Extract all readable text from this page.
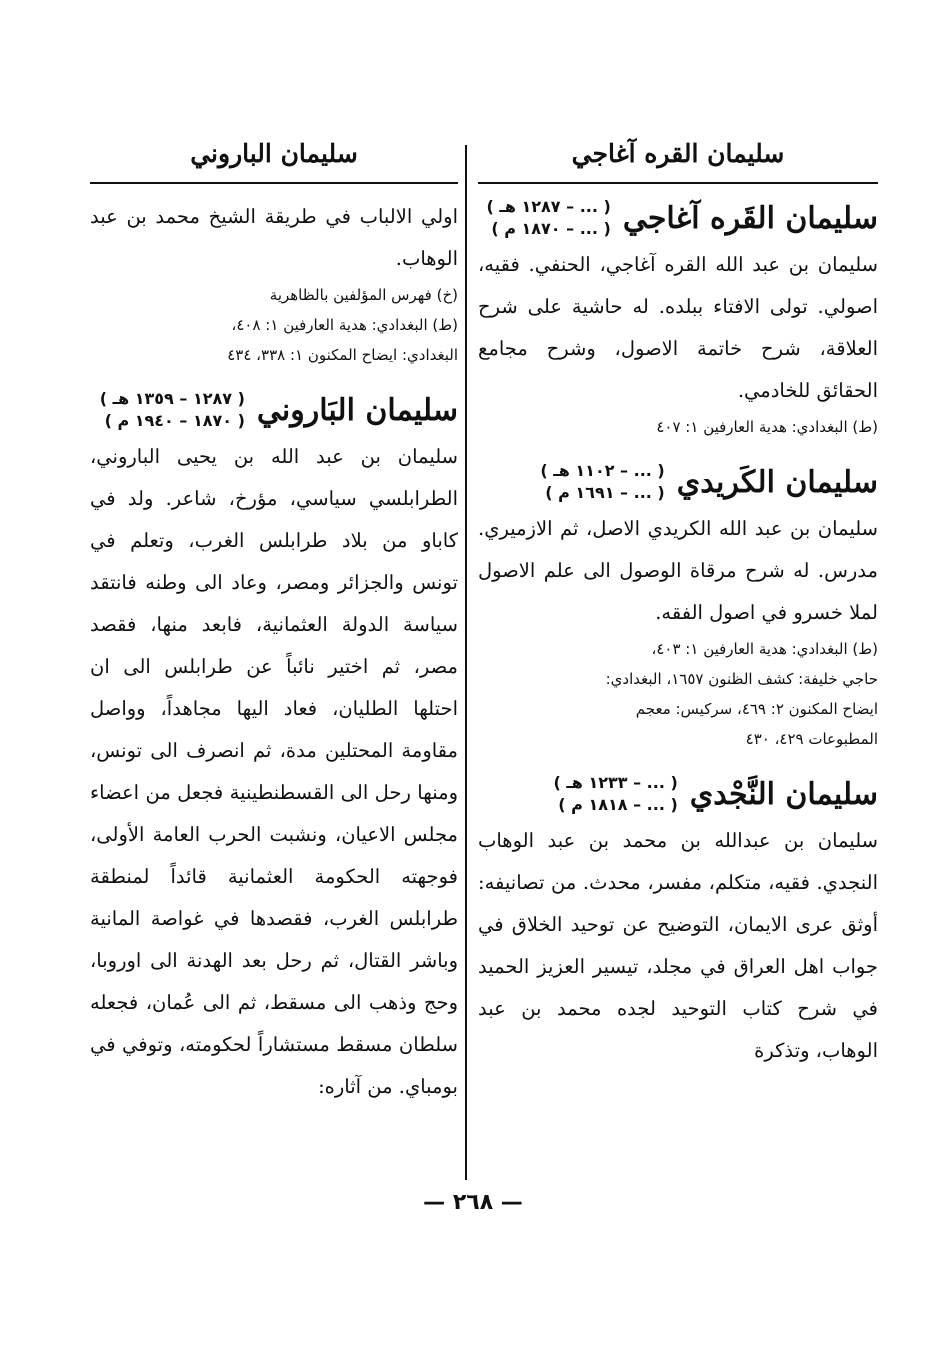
سليمان القره آغاجي
سليمان القَره آغاجي
( ... – ١٢٨٧ هـ )
( ... – ١٨٧٠ م )

سليمان بن عبد الله القره آغاجي، الحنفي. فقيه، اصولي. تولى الافتاء ببلده. له حاشية على شرح العلاقة، شرح خاتمة الاصول، وشرح مجامع الحقائق للخادمي.

(ط) البغدادي: هدية العارفين ١: ٤٠٧

سليمان الكَريدي
( ... – ١١٠٢ هـ )
( ... – ١٦٩١ م )

سليمان بن عبد الله الكريدي الاصل، ثم الازميري. مدرس. له شرح مرقاة الوصول الى علم الاصول لملا خسرو في اصول الفقه.

(ط) البغدادي: هدية العارفين ١: ٤٠٣،

حاجي خليفة: كشف الظنون ١٦٥٧، البغدادي:

ايضاح المكنون ٢: ٤٦٩، سركيس: معجم

المطبوعات ٤٢٩، ٤٣٠

سليمان النَّجْدي
( ... – ١٢٣٣ هـ )
( ... – ١٨١٨ م )

سليمان بن عبدالله بن محمد بن عبد الوهاب النجدي. فقيه، متكلم، مفسر، محدث. من تصانيفه: أوثق عرى الايمان، التوضيح عن توحيد الخلاق في جواب اهل العراق في مجلد، تيسير العزيز الحميد في شرح كتاب التوحيد لجده محمد بن عبد الوهاب، وتذكرة

سليمان الباروني

اولي الالباب في طريقة الشيخ محمد بن عبد الوهاب.

(خ) فهرس المؤلفين بالظاهرية

(ط) البغدادي: هدية العارفين ١: ٤٠٨،

البغدادي: ايضاح المكنون ١: ٣٣٨، ٤٣٤

سليمان البَاروني
( ١٢٨٧ – ١٣٥٩ هـ )
( ١٨٧٠ – ١٩٤٠ م )

سليمان بن عبد الله بن يحيى الباروني، الطرابلسي سياسي، مؤرخ، شاعر. ولد في كاباو من بلاد طرابلس الغرب، وتعلم في تونس والجزائر ومصر، وعاد الى وطنه فانتقد سياسة الدولة العثمانية، فابعد منها، فقصد مصر، ثم اختير نائباً عن طرابلس الى ان احتلها الطليان، فعاد اليها مجاهداً، وواصل مقاومة المحتلين مدة، ثم انصرف الى تونس، ومنها رحل الى القسطنطينية فجعل من اعضاء مجلس الاعيان، ونشبت الحرب العامة الأولى، فوجهته الحكومة العثمانية قائداً لمنطقة طرابلس الغرب، فقصدها في غواصة المانية وباشر القتال، ثم رحل بعد الهدنة الى اوروبا، وحج وذهب الى مسقط، ثم الى عُمان، فجعله سلطان مسقط مستشاراً لحكومته، وتوفي في بومباي. من آثاره:

— ٢٦٨ —
